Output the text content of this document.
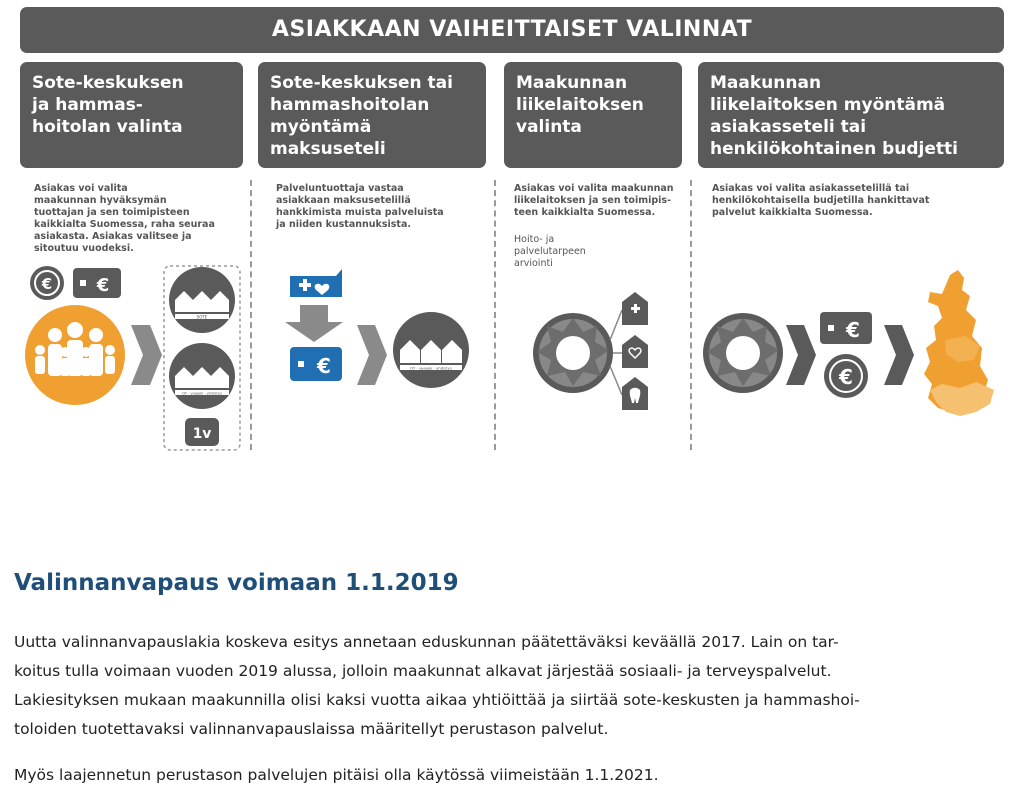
ASIAKKAAN VAIHEITTAISET VALINNAT
Sote-keskuksen
ja hammas-
hoitolan valinta
Sote-keskuksen tai
hammashoitolan
myöntämä
maksuseteli
Maakunnan
liikelaitoksen
valinta
Maakunnan
liikelaitoksen myöntämä
asiakasseteli tai
henkilökohtainen budjetti
Asiakas voi valita
maakunnan hyväksymän
tuottajan ja sen toimipisteen
kaikkialta Suomessa, raha seuraa
asiakasta. Asiakas valitsee ja
sitoutuu vuodeksi.
Palveluntuottaja vastaa
asiakkaan maksusetelillä
hankkimista muista palveluista
ja niiden kustannuksista.
Asiakas voi valita maakunnan
liikelaitoksen ja sen toimipis-
teen kaikkialta Suomessa.
Hoito- ja
palvelutarpeen
arviointi
Asiakas voi valita asiakassetelillä tai
henkilökohtaisella budjetilla hankittavat
palvelut kaikkialta Suomessa.
€ €
SOTE
OY · vaaaok · yhdistys
1v
€	OY · vaaaok · yhdistys
€
€
Valinnanvapaus voimaan 1.1.2019
Uutta valinnanvapauslakia koskeva esitys annetaan eduskunnan päätettäväksi keväällä 2017. Lain on tar-
koitus tulla voimaan vuoden 2019 alussa, jolloin maakunnat alkavat järjestää sosiaali- ja terveyspalvelut.
Lakiesityksen mukaan maakunnilla olisi kaksi vuotta aikaa yhtiöittää ja siirtää sote-keskusten ja hammashoi-
toloiden tuotettavaksi valinnanvapauslaissa määritellyt perustason palvelut.
Myös laajennetun perustason palvelujen pitäisi olla käytössä viimeistään 1.1.2021.
